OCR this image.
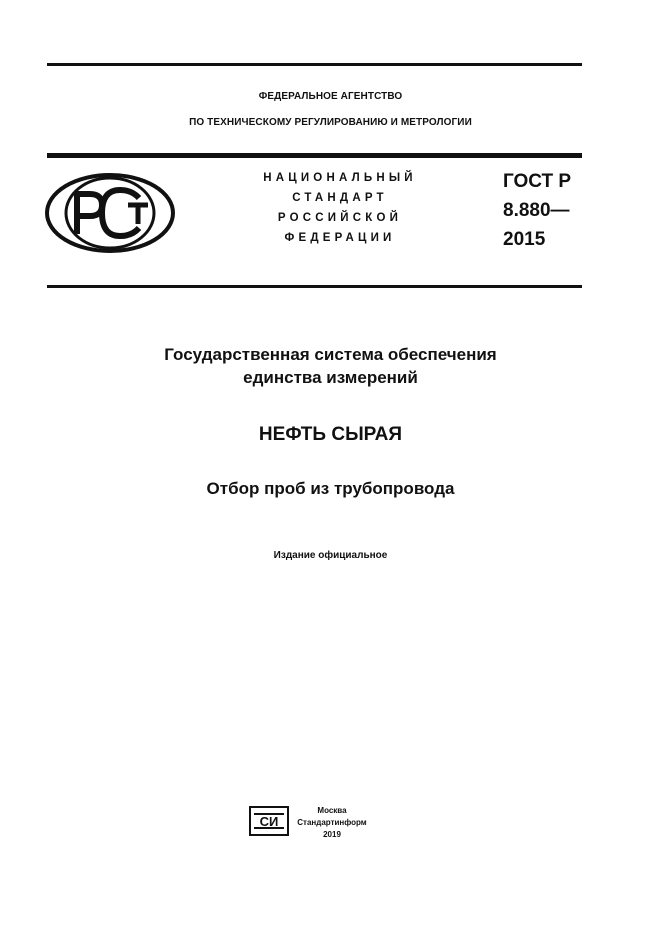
ФЕДЕРАЛЬНОЕ АГЕНТСТВО
ПО ТЕХНИЧЕСКОМУ РЕГУЛИРОВАНИЮ И МЕТРОЛОГИИ
НАЦИОНАЛЬНЫЙ
СТАНДАРТ
РОССИЙСКОЙ
ФЕДЕРАЦИИ
ГОСТ Р
8.880—
2015
Государственная система обеспечения
единства измерений
НЕФТЬ СЫРАЯ
Отбор проб из трубопровода
Издание официальное
СИ
Москва
Стандартинформ
2019
